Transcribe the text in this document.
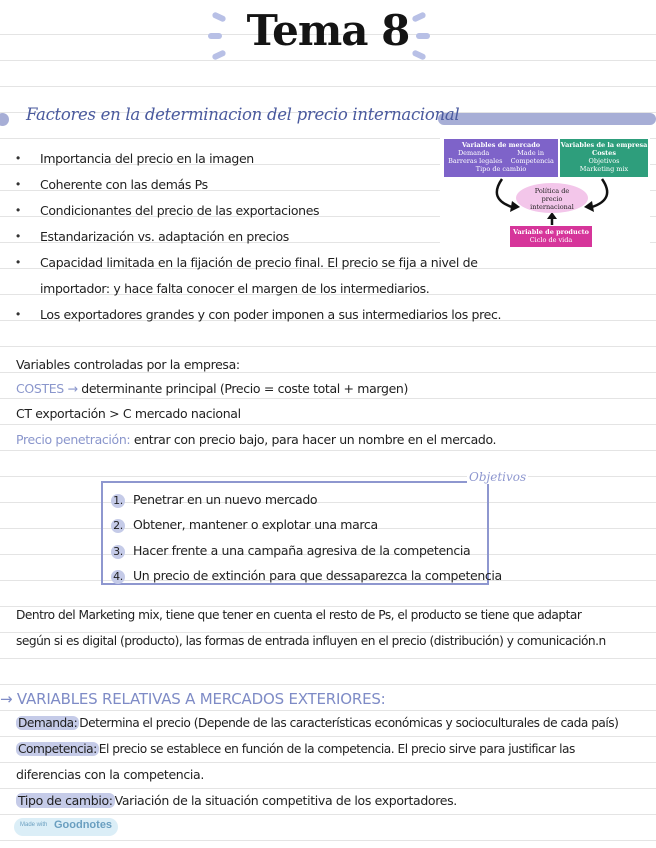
Tema 8
Factores en la determinacion del precio internacional
• Importancia del precio en la imagen
• Coherente con las demás Ps
• Condicionantes del precio de las exportaciones
• Estandarización vs. adaptación en precios
• Capacidad limitada en la fijación de precio final. El precio se fija a nivel de
importador: y hace falta conocer el margen de los intermediarios.
• Los exportadores grandes y con poder imponen a sus intermediarios los prec.
Variables de mercado
Demanda	Made in
Barreras legales Competencia
Tipo de cambio
Variables de la empresa
Costes
Objetivos
Marketing mix
Política de precio internacional
Variable de producto
Ciclo de vida
Variables controladas por la empresa:
COSTES → determinante principal (Precio = coste total + margen)
CT exportación > C mercado nacional
Precio penetración: entrar con precio bajo, para hacer un nombre en el mercado.
Objetivos
1. Penetrar en un nuevo mercado
2. Obtener, mantener o explotar una marca
3. Hacer frente a una campaña agresiva de la competencia
4. Un precio de extinción para que dessaparezca la competencia
Dentro del Marketing mix, tiene que tener en cuenta el resto de Ps, el producto se tiene que adaptar
según si es digital (producto), las formas de entrada influyen en el precio (distribución) y comunicación.n
→ VARIABLES RELATIVAS A MERCADOS EXTERIORES:
Demanda: Determina el precio (Depende de las características económicas y socioculturales de cada país)
Competencia: El precio se establece en función de la competencia. El precio sirve para justificar las
diferencias con la competencia.
Tipo de cambio: Variación de la situación competitiva de los exportadores.
Made with Goodnotes
